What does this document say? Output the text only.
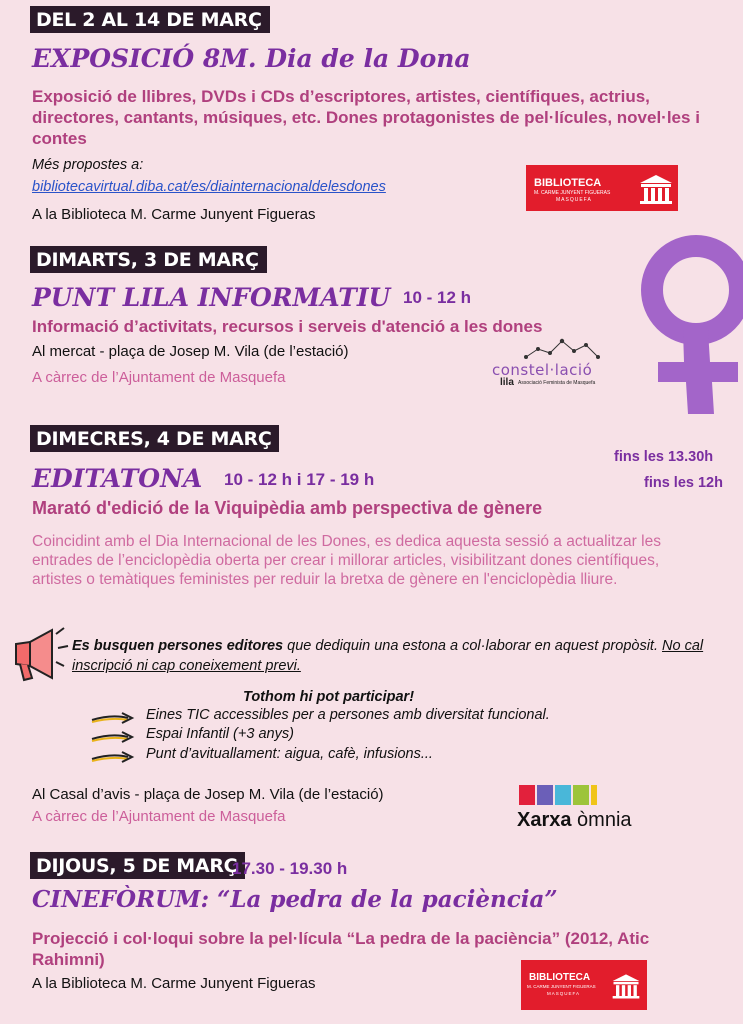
DEL 2 AL 14 DE MARÇ
EXPOSICIÓ 8M. Dia de la Dona
Exposició de llibres, DVDs i CDs d’escriptores, artistes, científiques, actrius, directores, cantants, músiques, etc. Dones protagonistes de pel·lícules, novel·les i contes
Més propostes a:
bibliotecavirtual.diba.cat/es/diainternacionaldelesdones
A la Biblioteca M. Carme Junyent Figueras
BIBLIOTECA
M. CARME JUNYENT FIGUERAS
MASQUEFA
DIMARTS, 3 DE MARÇ
PUNT LILA INFORMATIU 10 - 12 h
Informació d’activitats, recursos i serveis d'atenció a les dones
Al mercat - plaça de Josep M. Vila (de l’estació)
A càrrec de l’Ajuntament de Masquefa	constel·lació
lila Associació Feminista de Masquefa
DIMECRES, 4 DE MARÇ
fins les 13.30h
fins les 12h
EDITATONA 10 - 12 h i 17 - 19 h
Marató d'edició de la Viquipèdia amb perspectiva de gènere
Coincidint amb el Dia Internacional de les Dones, es dedica aquesta sessió a actualitzar les entrades de l’enciclopèdia oberta per crear i millorar articles, visibilitzant dones científiques, artistes o temàtiques feministes per reduir la bretxa de gènere en l'enciclopèdia lliure.
Es busquen persones editores que dediquin una estona a col·laborar en aquest propòsit. No cal inscripció ni cap coneixement previ.
Tothom hi pot participar!
Eines TIC accessibles per a persones amb diversitat funcional.
Espai Infantil (+3 anys)
Punt d’avituallament: aigua, cafè, infusions...
Al Casal d’avis - plaça de Josep M. Vila (de l’estació)
A càrrec de l’Ajuntament de Masquefa	Xarxa òmnia
DIJOUS, 5 DE MARÇ
17.30 - 19.30 h
CINEFÒRUM: “La pedra de la paciència”
Projecció i col·loqui sobre la pel·lícula “La pedra de la paciència” (2012, Atic Rahimni)
A la Biblioteca M. Carme Junyent Figueras	BIBLIOTECA
M. CARME JUNYENT FIGUERAS
MASQUEFA
